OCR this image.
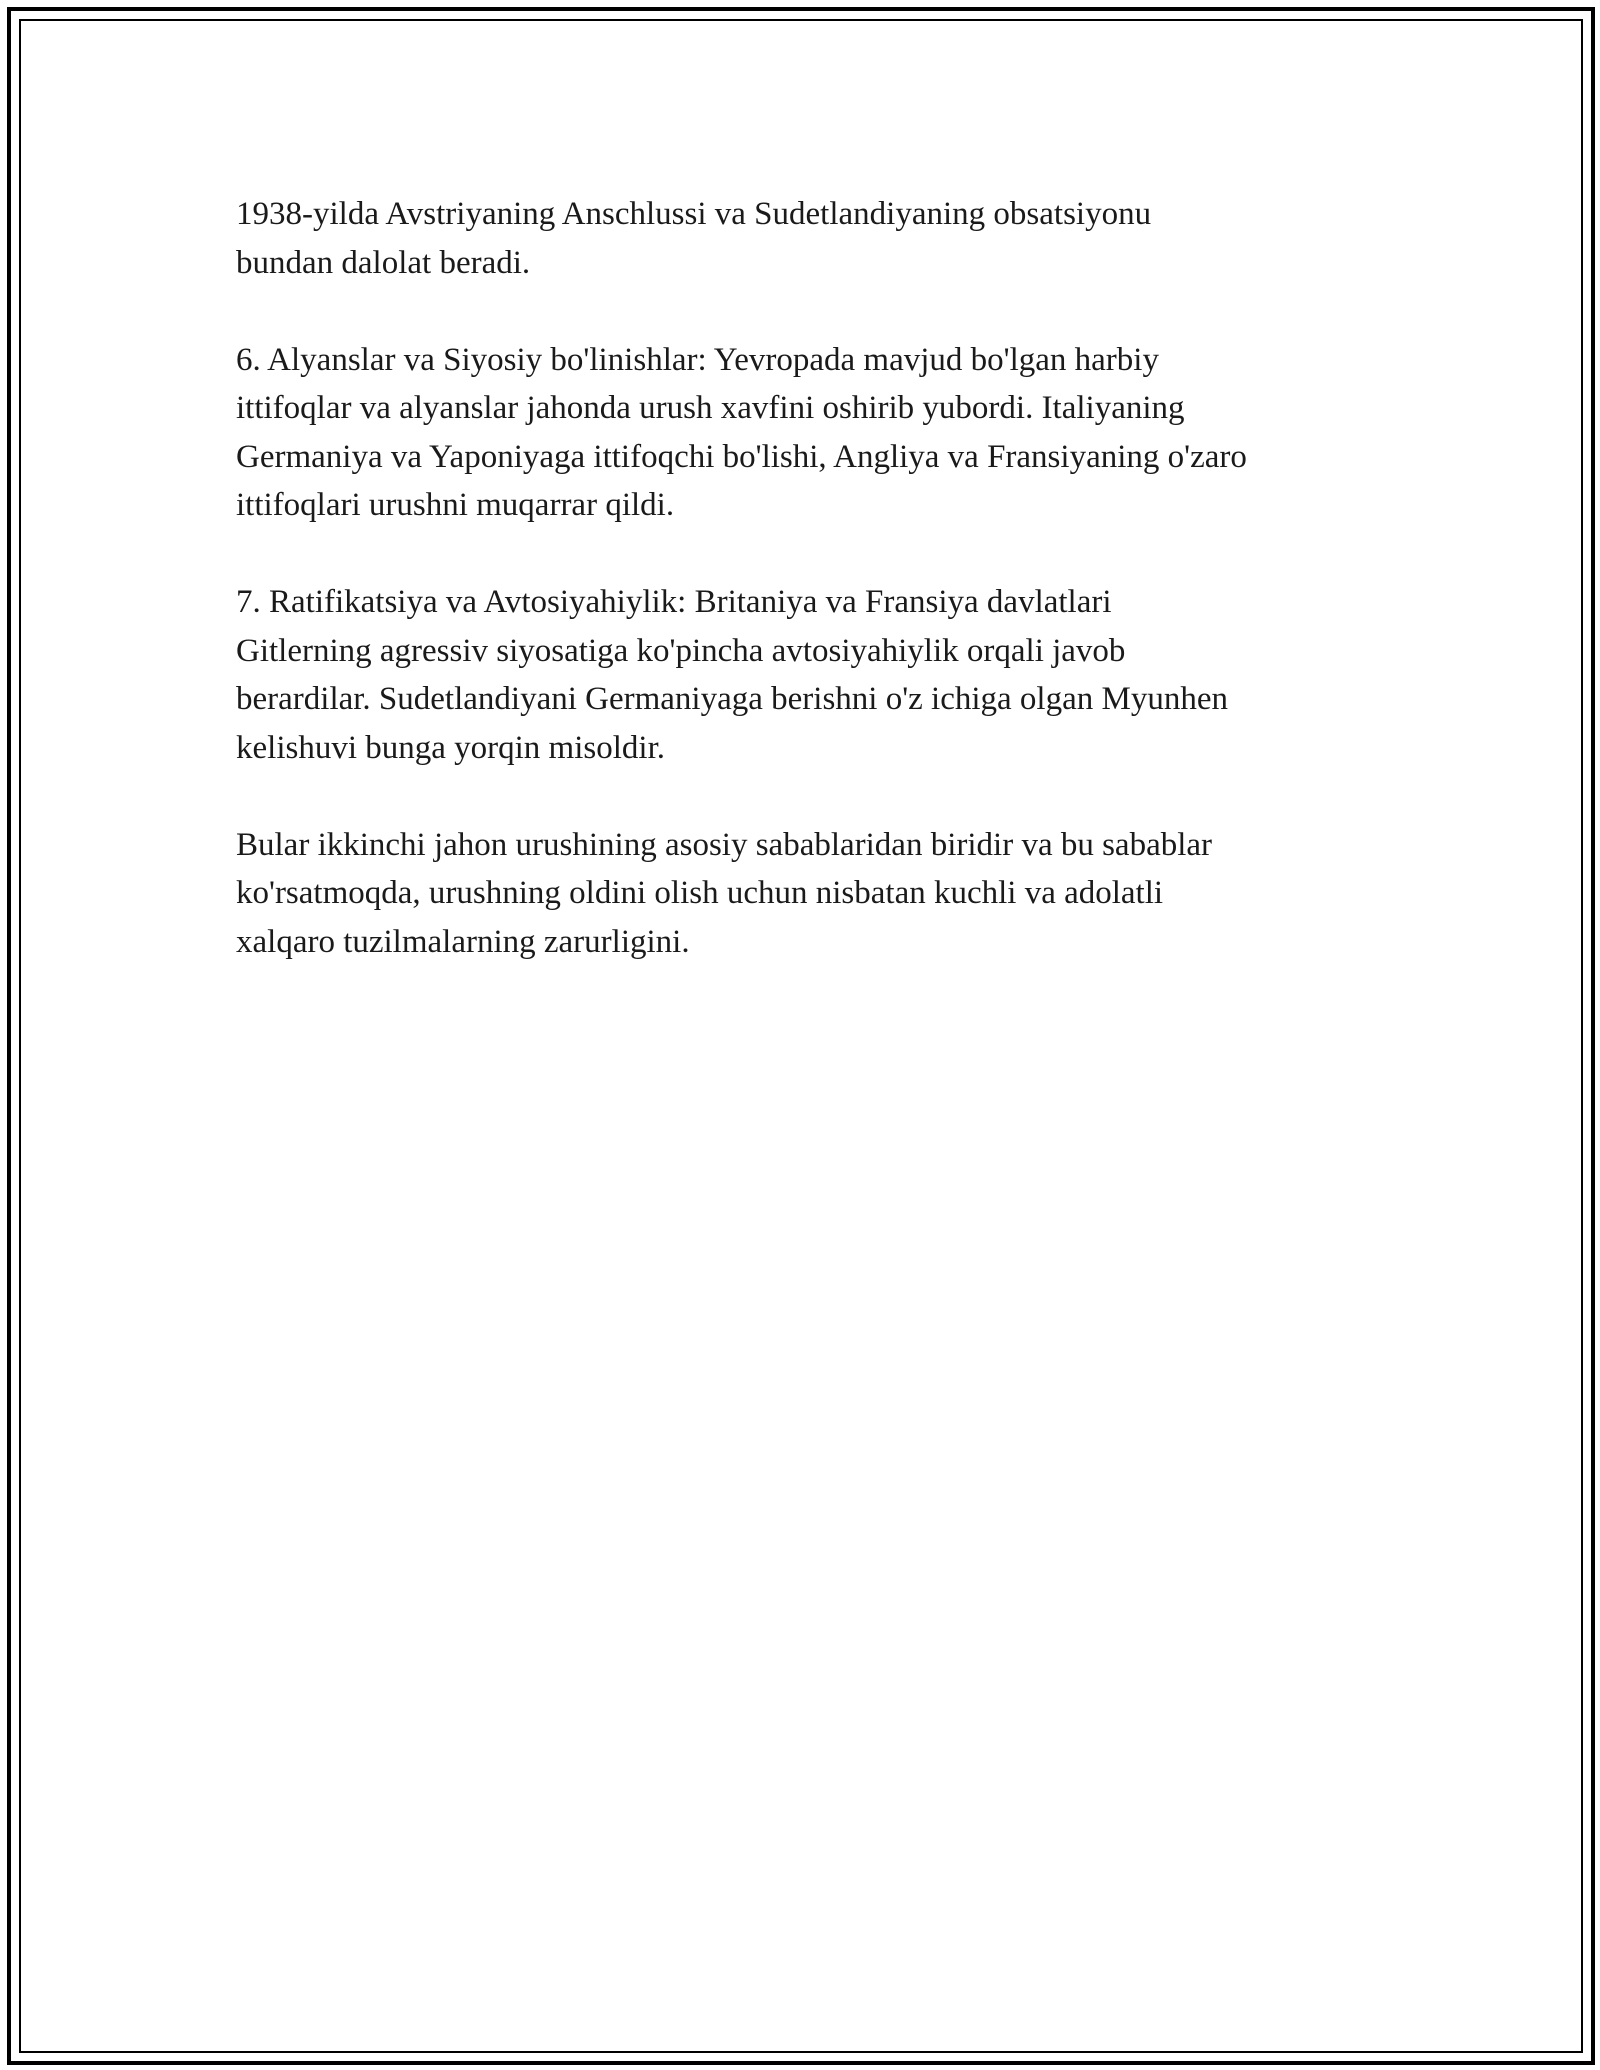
1938-yilda Avstriyaning Anschlussi va Sudetlandiyaning obsatsiyonu
bundan dalolat beradi.

6. Alyanslar va Siyosiy bo'linishlar: Yevropada mavjud bo'lgan harbiy
ittifoqlar va alyanslar jahonda urush xavfini oshirib yubordi. Italiyaning
Germaniya va Yaponiyaga ittifoqchi bo'lishi, Angliya va Fransiyaning o'zaro
ittifoqlari urushni muqarrar qildi.

7. Ratifikatsiya va Avtosiyahiylik: Britaniya va Fransiya davlatlari
Gitlerning agressiv siyosatiga ko'pincha avtosiyahiylik orqali javob
berardilar. Sudetlandiyani Germaniyaga berishni o'z ichiga olgan Myunhen
kelishuvi bunga yorqin misoldir.

Bular ikkinchi jahon urushining asosiy sabablaridan biridir va bu sabablar
ko'rsatmoqda, urushning oldini olish uchun nisbatan kuchli va adolatli
xalqaro tuzilmalarning zarurligini.
